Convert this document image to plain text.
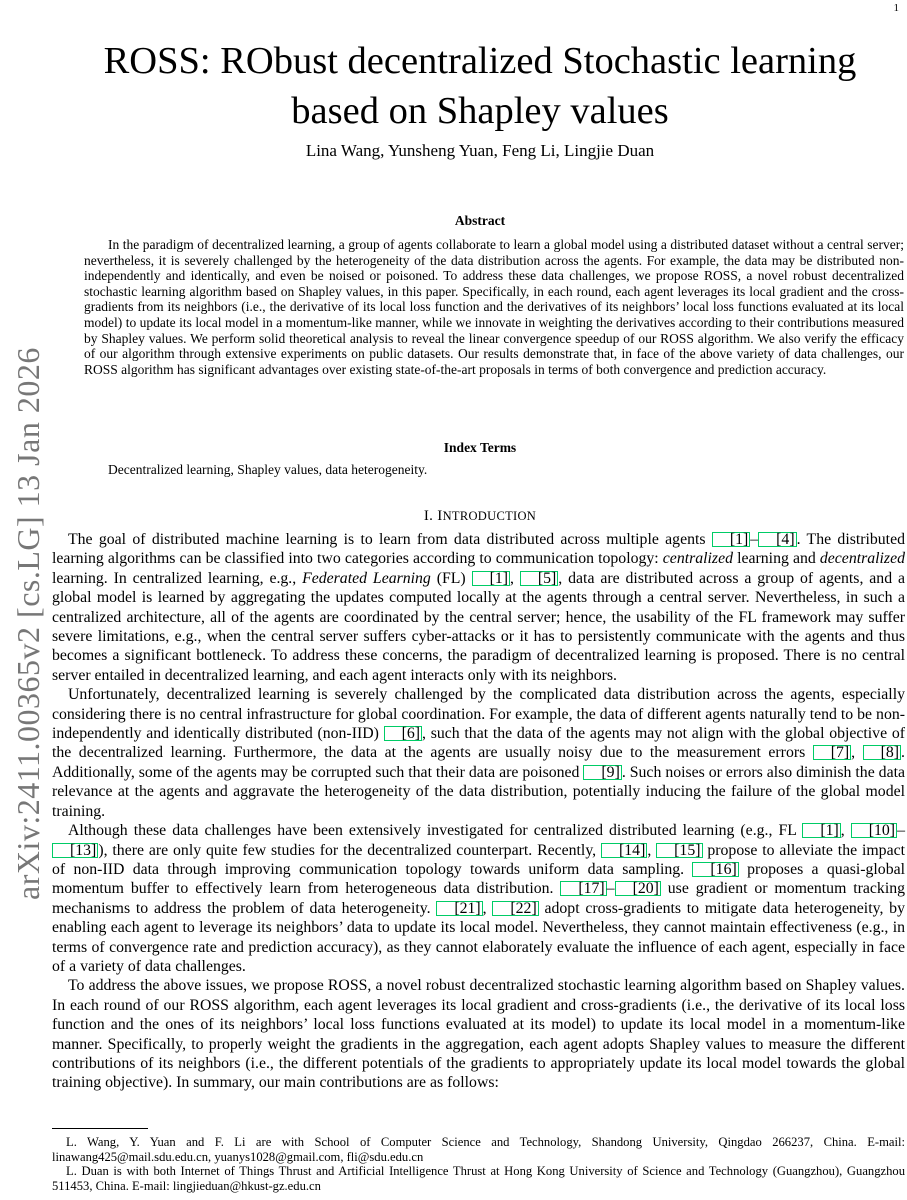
1
arXiv:2411.00365v2 [cs.LG] 13 Jan 2026
ROSS: RObust decentralized Stochastic learning
based on Shapley values
Lina Wang, Yunsheng Yuan, Feng Li, Lingjie Duan
Abstract
In the paradigm of decentralized learning, a group of agents collaborate to learn a global model using a distributed dataset without a central server; nevertheless, it is severely challenged by the heterogeneity of the data distribution across the agents. For example, the data may be distributed non-independently and identically, and even be noised or poisoned. To address these data challenges, we propose ROSS, a novel robust decentralized stochastic learning algorithm based on Shapley values, in this paper. Specifically, in each round, each agent leverages its local gradient and the cross-gradients from its neighbors (i.e., the derivative of its local loss function and the derivatives of its neighbors’ local loss functions evaluated at its local model) to update its local model in a momentum-like manner, while we innovate in weighting the derivatives according to their contributions measured by Shapley values. We perform solid theoretical analysis to reveal the linear convergence speedup of our ROSS algorithm. We also verify the efficacy of our algorithm through extensive experiments on public datasets. Our results demonstrate that, in face of the above variety of data challenges, our ROSS algorithm has significant advantages over existing state-of-the-art proposals in terms of both convergence and prediction accuracy.
Index Terms
Decentralized learning, Shapley values, data heterogeneity.
I. INTRODUCTION

The goal of distributed machine learning is to learn from data distributed across multiple agents [1] – [4] . The distributed learning algorithms can be classified into two categories according to communication topology: centralized learning and decentralized learning. In centralized learning, e.g., Federated Learning (FL) [1] , [5] , data are distributed across a group of agents, and a global model is learned by aggregating the updates computed locally at the agents through a central server. Nevertheless, in such a centralized architecture, all of the agents are coordinated by the central server; hence, the usability of the FL framework may suffer severe limitations, e.g., when the central server suffers cyber-attacks or it has to persistently communicate with the agents and thus becomes a significant bottleneck. To address these concerns, the paradigm of decentralized learning is proposed. There is no central server entailed in decentralized learning, and each agent interacts only with its neighbors.

Unfortunately, decentralized learning is severely challenged by the complicated data distribution across the agents, especially considering there is no central infrastructure for global coordination. For example, the data of different agents naturally tend to be non-independently and identically distributed (non-IID) [6] , such that the data of the agents may not align with the global objective of the decentralized learning. Furthermore, the data at the agents are usually noisy due to the measurement errors [7] , [8] . Additionally, some of the agents may be corrupted such that their data are poisoned [9] . Such noises or errors also diminish the data relevance at the agents and aggravate the heterogeneity of the data distribution, potentially inducing the failure of the global model training.

Although these data challenges have been extensively investigated for centralized distributed learning (e.g., FL [1] , [10] –[13] ), there are only quite few studies for the decentralized counterpart. Recently, [14] , [15] propose to alleviate the impact of non-IID data through improving communication topology towards uniform data sampling. [16] proposes a quasi-global momentum buffer to effectively learn from heterogeneous data distribution. [17] – [20] use gradient or momentum tracking mechanisms to address the problem of data heterogeneity. [21] , [22] adopt cross-gradients to mitigate data heterogeneity, by enabling each agent to leverage its neighbors’ data to update its local model. Nevertheless, they cannot maintain effectiveness (e.g., in terms of convergence rate and prediction accuracy), as they cannot elaborately evaluate the influence of each agent, especially in face of a variety of data challenges.

To address the above issues, we propose ROSS, a novel robust decentralized stochastic learning algorithm based on Shapley values. In each round of our ROSS algorithm, each agent leverages its local gradient and cross-gradients (i.e., the derivative of its local loss function and the ones of its neighbors’ local loss functions evaluated at its model) to update its local model in a momentum-like manner. Specifically, to properly weight the gradients in the aggregation, each agent adopts Shapley values to measure the different contributions of its neighbors (i.e., the different potentials of the gradients to appropriately update its local model towards the global training objective). In summary, our main contributions are as follows:

L. Wang, Y. Yuan and F. Li are with School of Computer Science and Technology, Shandong University, Qingdao 266237, China. E-mail: linawang425@mail.sdu.edu.cn, yuanys1028@gmail.com, fli@sdu.edu.cn

L. Duan is with both Internet of Things Thrust and Artificial Intelligence Thrust at Hong Kong University of Science and Technology (Guangzhou), Guangzhou 511453, China. E-mail: lingjieduan@hkust-gz.edu.cn
